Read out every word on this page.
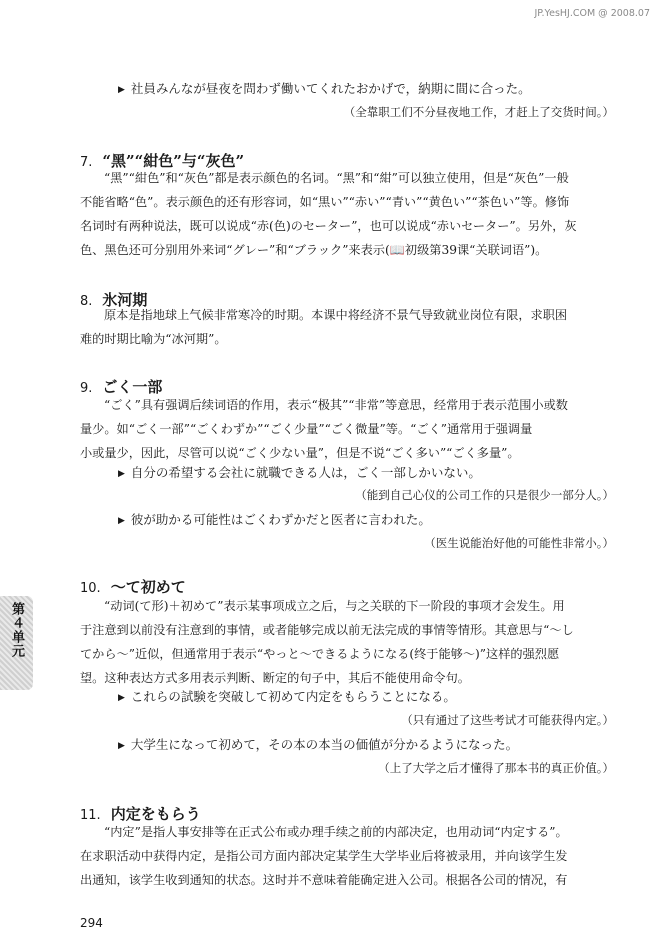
JP.YesHJ.COM @ 2008.07
▶ 社員みんなが昼夜を問わず働いてくれたおかげで，納期に間に合った。
（全靠职工们不分昼夜地工作，才赶上了交货时间。）
7. “黑”“紺色”与“灰色”
“黑”“紺色”和“灰色”都是表示颜色的名词。“黑”和“紺”可以独立使用，但是“灰色”一般
不能省略“色”。表示颜色的还有形容词，如“黒い”“赤い”“青い”“黄色い”“茶色い”等。修饰
名词时有两种说法，既可以说成“赤(色)のセーター”，也可以说成“赤いセーター”。另外，灰
色、黑色还可分别用外来词“グレー”和“ブラック”来表示(📖初级第39课“关联词语”)。
8. 氷河期
原本是指地球上气候非常寒冷的时期。本课中将经济不景气导致就业岗位有限，求职困
难的时期比喻为“冰河期”。
9. ごく一部
“ごく”具有强调后续词语的作用，表示“极其”“非常”等意思，经常用于表示范围小或数
量少。如“ごく一部”“ごくわずか”“ごく少量”“ごく微量”等。“ごく”通常用于强调量
小或量少，因此，尽管可以说“ごく少ない量”，但是不说“ごく多い”“ごく多量”。
▶ 自分の希望する会社に就職できる人は，ごく一部しかいない。
（能到自己心仪的公司工作的只是很少一部分人。）
▶ 彼が助かる可能性はごくわずかだと医者に言われた。
（医生说能治好他的可能性非常小。）
10. ～て初めて
“动词(て形)＋初めて”表示某事项成立之后，与之关联的下一阶段的事项才会发生。用
于注意到以前没有注意到的事情，或者能够完成以前无法完成的事情等情形。其意思与“～し
てから～”近似，但通常用于表示“やっと～できるようになる(终于能够～)”这样的强烈愿
望。这种表达方式多用表示判断、断定的句子中，其后不能使用命令句。
▶ これらの試験を突破して初めて内定をもらうことになる。
（只有通过了这些考试才可能获得内定。）
▶ 大学生になって初めて，その本の本当の価値が分かるようになった。
（上了大学之后才懂得了那本书的真正价值。）
11. 内定をもらう
“内定”是指人事安排等在正式公布或办理手续之前的内部决定，也用动词“内定する”。
在求职活动中获得内定，是指公司方面内部决定某学生大学毕业后将被录用，并向该学生发
出通知，该学生收到通知的状态。这时并不意味着能确定进入公司。根据各公司的情况，有
第４单元
294
